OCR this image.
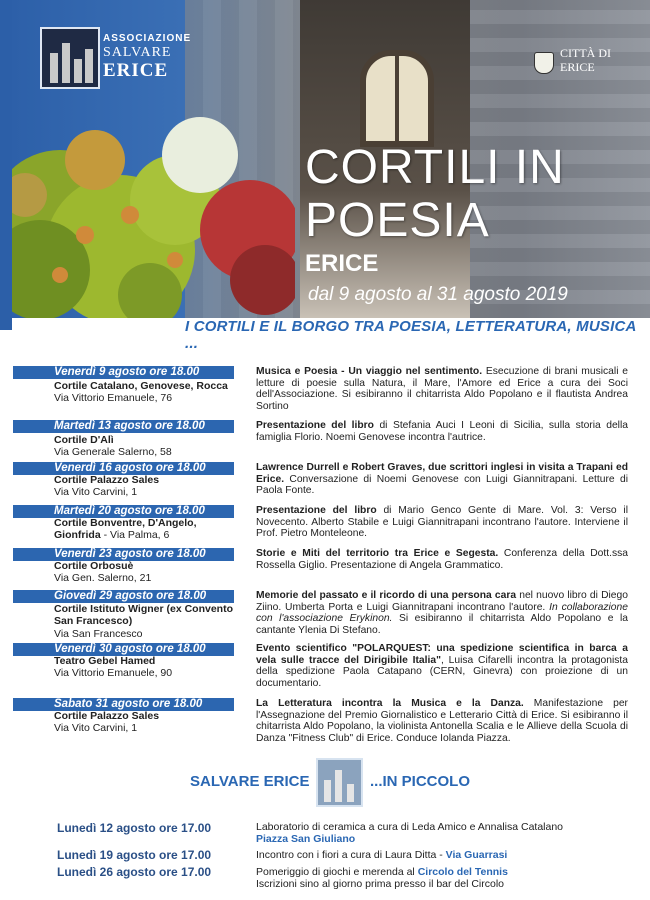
ASSOCIAZIONE
SALVARE
ERICE
CITTÀ DI
ERICE
CORTILI IN
POESIA
ERICE
dal 9 agosto al 31 agosto 2019
I CORTILI E IL BORGO TRA POESIA, LETTERATURA, MUSICA ...
Venerdì 9 agosto ore 18.00
Cortile Catalano, Genovese, Rocca
Via Vittorio Emanuele, 76
Musica e Poesia - Un viaggio nel sentimento. Esecuzione di brani musicali e letture di poesie sulla Natura, il Mare, l'Amore ed Erice a cura dei Soci dell'Associazione. Si esibiranno il chitarrista Aldo Popolano e il flautista Andrea Sortino
Martedì 13 agosto ore 18.00
Cortile D'Alì
Via Generale Salerno, 58
Presentazione del libro di Stefania Auci I Leoni di Sicilia, sulla storia della famiglia Florio. Noemi Genovese incontra l'autrice.
Venerdì 16 agosto ore 18.00
Cortile Palazzo Sales
Via Vito Carvini, 1
Lawrence Durrell e Robert Graves, due scrittori inglesi in visita a Trapani ed Erice. Conversazione di Noemi Genovese con Luigi Giannitrapani. Letture di Paola Fonte.
Martedì 20 agosto ore 18.00
Cortile Bonventre, D'Angelo, Gionfrida - Via Palma, 6
Presentazione del libro di Mario Genco Gente di Mare. Vol. 3: Verso il Novecento. Alberto Stabile e Luigi Giannitrapani incontrano l'autore. Interviene il Prof. Pietro Monteleone.
Venerdì 23 agosto ore 18.00
Cortile Orbosuè
Via Gen. Salerno, 21
Storie e Miti del territorio tra Erice e Segesta. Conferenza della Dott.ssa Rossella Giglio. Presentazione di Angela Grammatico.
Giovedì 29 agosto ore 18.00
Cortile Istituto Wigner (ex Convento San Francesco)
Via San Francesco
Memorie del passato e il ricordo di una persona cara nel nuovo libro di Diego Ziino. Umberta Porta e Luigi Giannitrapani incontrano l'autore. In collaborazione con l'associazione Erykinon. Si esibiranno il chitarrista Aldo Popolano e la cantante Ylenia Di Stefano.
Venerdì 30 agosto ore 18.00
Teatro Gebel Hamed
Via Vittorio Emanuele, 90
Evento scientifico "POLARQUEST: una spedizione scientifica in barca a vela sulle tracce del Dirigibile Italia", Luisa Cifarelli incontra la protagonista della spedizione Paola Catapano (CERN, Ginevra) con proiezione di un documentario.
Sabato 31 agosto ore 18.00
Cortile Palazzo Sales
Via Vito Carvini, 1
La Letteratura incontra la Musica e la Danza. Manifestazione per l'Assegnazione del Premio Giornalistico e Letterario Città di Erice. Si esibiranno il chitarrista Aldo Popolano, la violinista Antonella Scalia e le Allieve della Scuola di Danza "Fitness Club" di Erice. Conduce Iolanda Piazza.
SALVARE ERICE	...IN PICCOLO
Lunedì 12 agosto ore 17.00	Laboratorio di ceramica a cura di Leda Amico e Annalisa Catalano
Piazza San Giuliano
Lunedì 19 agosto ore 17.00	Incontro con i fiori a cura di Laura Ditta - Via Guarrasi
Lunedì 26 agosto ore 17.00	Pomeriggio di giochi e merenda al Circolo del Tennis
Iscrizioni sino al giorno prima presso il bar del Circolo
